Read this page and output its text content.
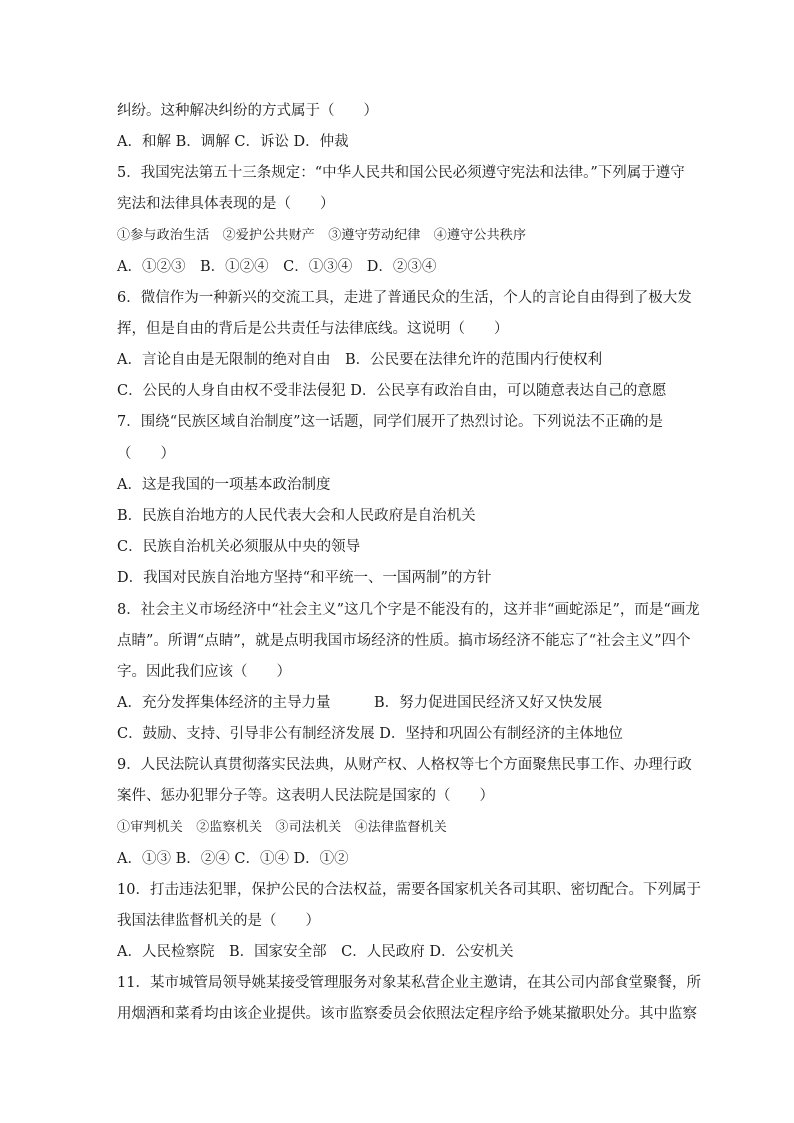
纠纷。这种解决纠纷的方式属于（　　）
A．和解 B．调解 C．诉讼 D．仲裁
5．我国宪法第五十三条规定：“中华人民共和国公民必须遵守宪法和法律。”下列属于遵守
宪法和法律具体表现的是（　　）
①参与政治生活　②爱护公共财产　③遵守劳动纪律　④遵守公共秩序
A．①②③　B．①②④　C．①③④　D．②③④
6．微信作为一种新兴的交流工具，走进了普通民众的生活，个人的言论自由得到了极大发
挥，但是自由的背后是公共责任与法律底线。这说明（　　）
A．言论自由是无限制的绝对自由　B．公民要在法律允许的范围内行使权利
C．公民的人身自由权不受非法侵犯 D．公民享有政治自由，可以随意表达自己的意愿
7．围绕“民族区域自治制度”这一话题，同学们展开了热烈讨论。下列说法不正确的是
（　　）
A．这是我国的一项基本政治制度
B．民族自治地方的人民代表大会和人民政府是自治机关
C．民族自治机关必须服从中央的领导
D．我国对民族自治地方坚持“和平统一、一国两制”的方针
8．社会主义市场经济中“社会主义”这几个字是不能没有的，这并非“画蛇添足”，而是“画龙
点睛”。所谓“点睛”，就是点明我国市场经济的性质。搞市场经济不能忘了“社会主义”四个
字。因此我们应该（　　）
A．充分发挥集体经济的主导力量　　　B．努力促进国民经济又好又快发展
C．鼓励、支持、引导非公有制经济发展 D．坚持和巩固公有制经济的主体地位
9．人民法院认真贯彻落实民法典，从财产权、人格权等七个方面聚焦民事工作、办理行政
案件、惩办犯罪分子等。这表明人民法院是国家的（　　）
①审判机关　②监察机关　③司法机关　④法律监督机关
A．①③ B．②④ C．①④ D．①②
10．打击违法犯罪，保护公民的合法权益，需要各国家机关各司其职、密切配合。下列属于
我国法律监督机关的是（　　）
A．人民检察院　B．国家安全部　C．人民政府 D．公安机关
11．某市城管局领导姚某接受管理服务对象某私营企业主邀请，在其公司内部食堂聚餐，所
用烟酒和菜肴均由该企业提供。该市监察委员会依照法定程序给予姚某撤职处分。其中监察
